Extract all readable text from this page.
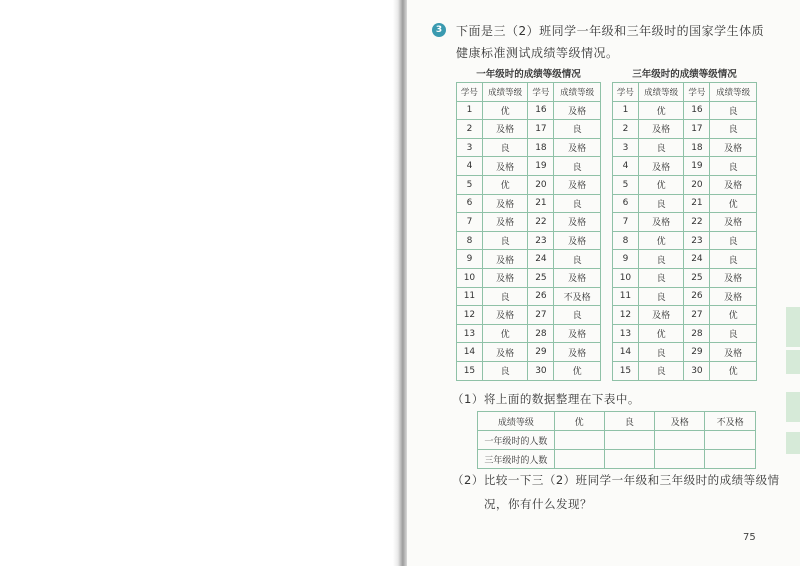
3	下面是三（2）班同学一年级和三年级时的国家学生体质健康标准测试成绩等级情况。
一年级时的成绩等级情况	三年级时的成绩等级情况
学号	成绩等级	学号	成绩等级
1	优	16	及格
2	及格	17	良
3	良	18	及格
4	及格	19	良
5	优	20	及格
6	及格	21	良
7	及格	22	及格
8	良	23	及格
9	及格	24	良
10	及格	25	及格
11	良	26	不及格
12	及格	27	良
13	优	28	及格
14	及格	29	及格
15	良	30	优
学号	成绩等级	学号	成绩等级
1	优	16	良
2	及格	17	良
3	良	18	及格
4	及格	19	良
5	优	20	及格
6	良	21	优
7	及格	22	及格
8	优	23	良
9	良	24	良
10	良	25	及格
11	良	26	及格
12	及格	27	优
13	优	28	良
14	良	29	及格
15	良	30	优
（1）将上面的数据整理在下表中。
成绩等级	优	良	及格	不及格
一年级时的人数				
三年级时的人数				
（2）比较一下三（2）班同学一年级和三年级时的成绩等级情
况，你有什么发现？
75
